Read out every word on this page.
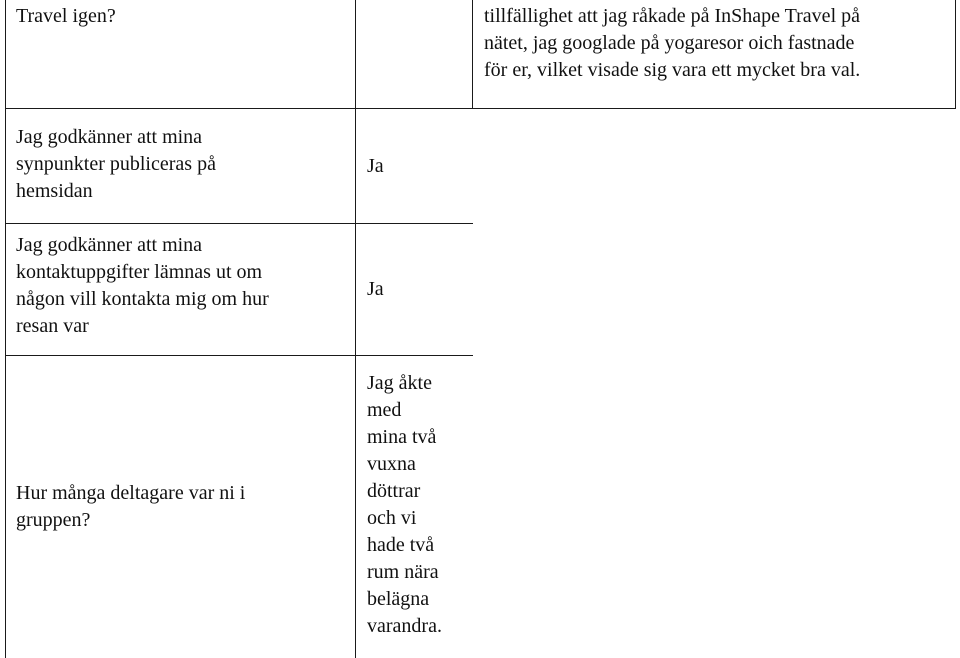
Travel igen?	tillfällighet att jag råkade på InShape Travel på
nätet, jag googlade på yogaresor oich fastnade
för er, vilket visade sig vara ett mycket bra val.
Jag godkänner att mina
synpunkter publiceras på
hemsidan
Ja
Jag godkänner att mina
kontaktuppgifter lämnas ut om
någon vill kontakta mig om hur
resan var
Ja
Hur många deltagare var ni i
gruppen?
Jag åkte
med
mina två
vuxna
döttrar
och vi
hade två
rum nära
belägna
varandra.
